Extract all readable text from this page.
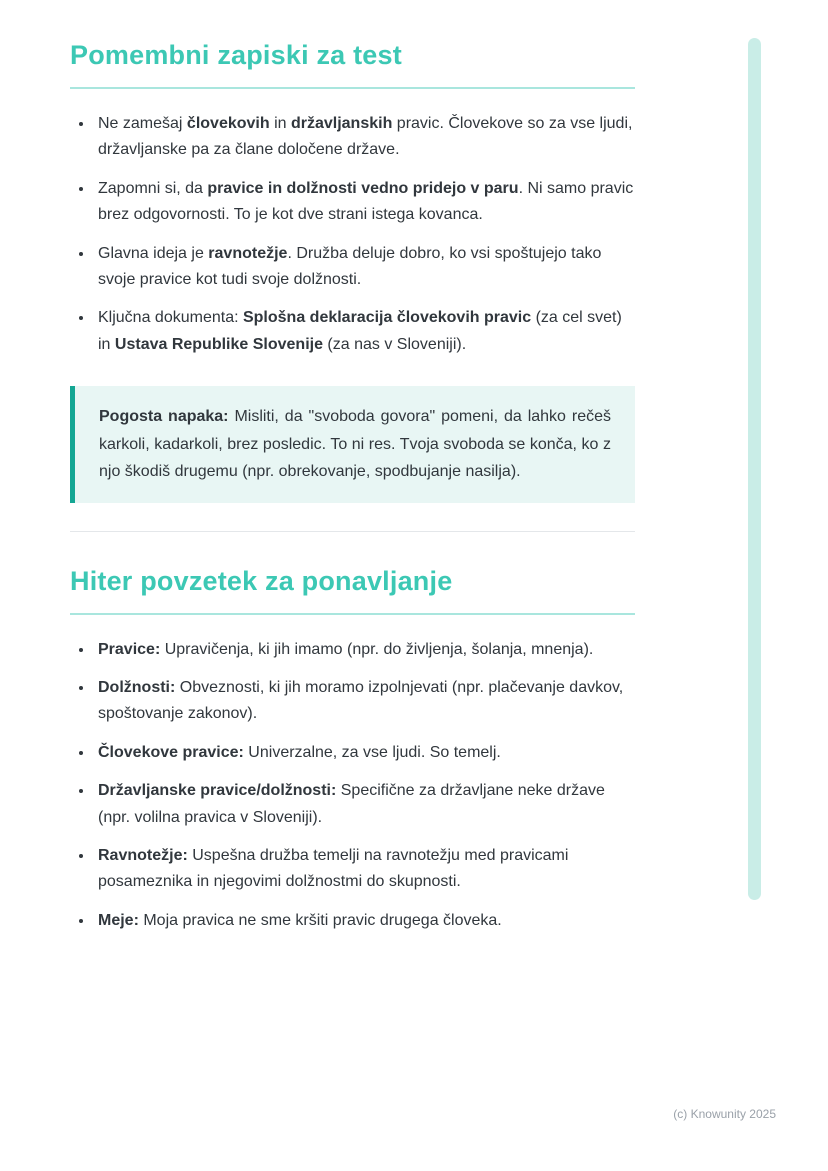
Pomembni zapiski za test
• Ne zamešaj človekovih in državljanskih pravic. Človekove so za vse ljudi, državljanske pa za člane določene države.
• Zapomni si, da pravice in dolžnosti vedno pridejo v paru. Ni samo pravic brez odgovornosti. To je kot dve strani istega kovanca.
• Glavna ideja je ravnotežje. Družba deluje dobro, ko vsi spoštujejo tako svoje pravice kot tudi svoje dolžnosti.
• Ključna dokumenta: Splošna deklaracija človekovih pravic (za cel svet) in Ustava Republike Slovenije (za nas v Sloveniji).

Pogosta napaka: Misliti, da "svoboda govora" pomeni, da lahko rečeš karkoli, kadarkoli, brez posledic. To ni res. Tvoja svoboda se konča, ko z njo škodiš drugemu (npr. obrekovanje, spodbujanje nasilja).

Hiter povzetek za ponavljanje
• Pravice: Upravičenja, ki jih imamo (npr. do življenja, šolanja, mnenja).
• Dolžnosti: Obveznosti, ki jih moramo izpolnjevati (npr. plačevanje davkov, spoštovanje zakonov).
• Človekove pravice: Univerzalne, za vse ljudi. So temelj.
• Državljanske pravice/dolžnosti: Specifične za državljane neke države (npr. volilna pravica v Sloveniji).
• Ravnotežje: Uspešna družba temelji na ravnotežju med pravicami posameznika in njegovimi dolžnostmi do skupnosti.
• Meje: Moja pravica ne sme kršiti pravic drugega človeka.
(c) Knowunity 2025
